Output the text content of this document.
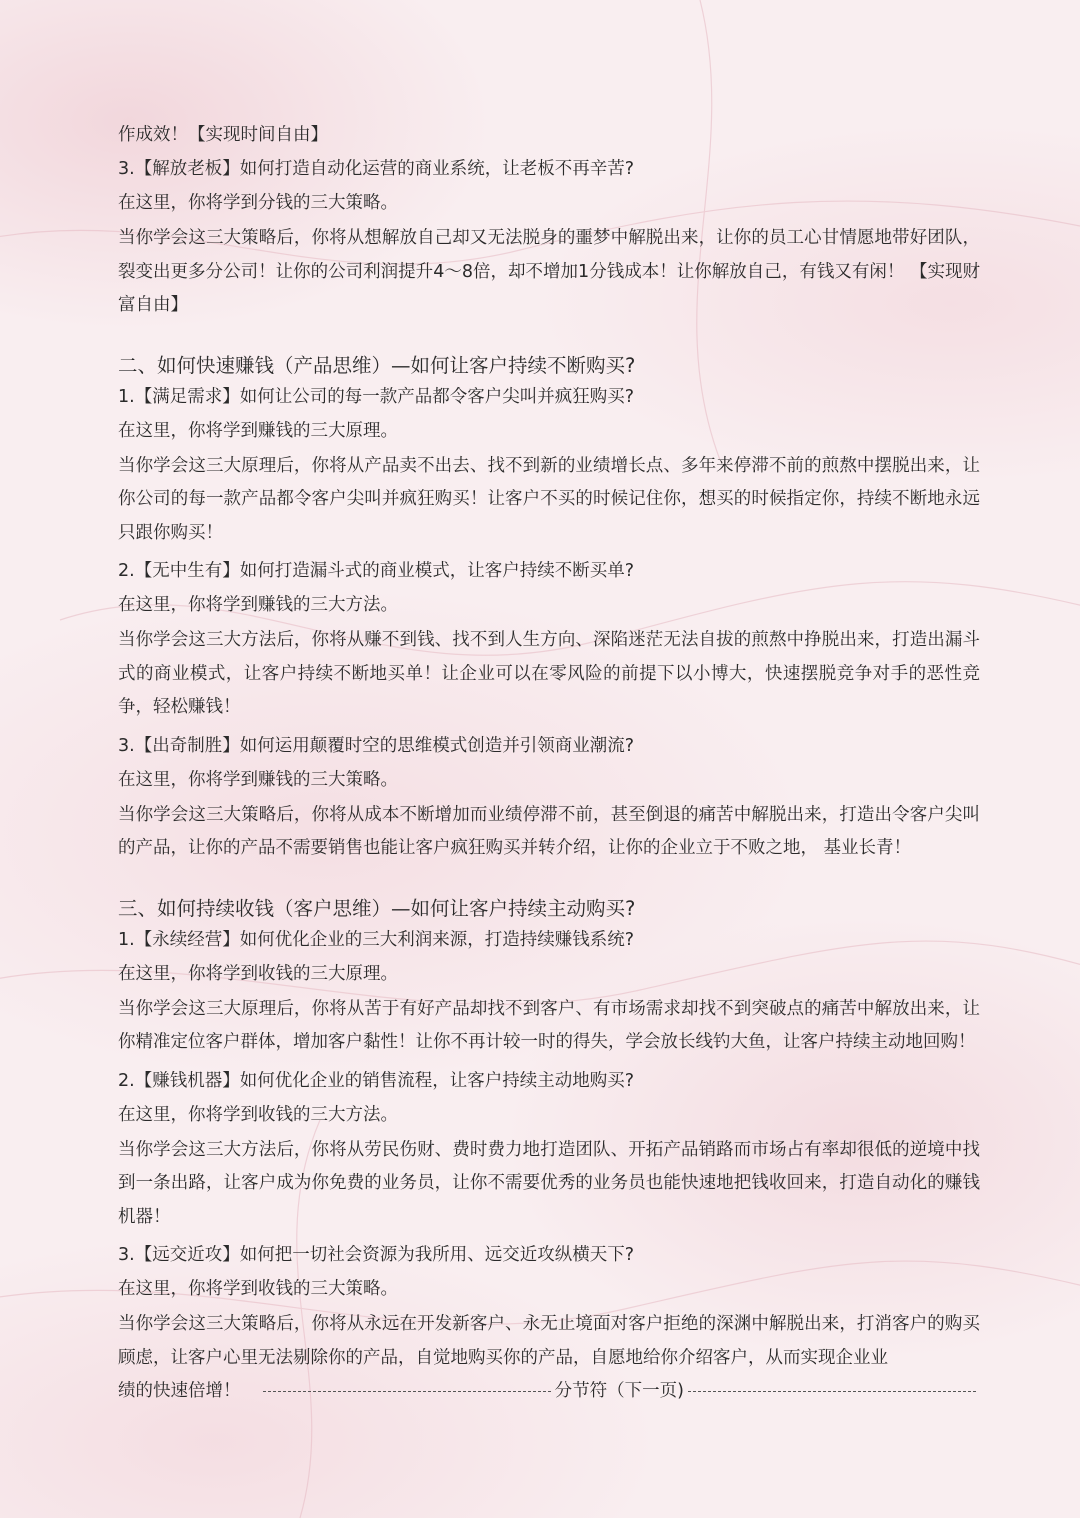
作成效！【实现时间自由】
3.【解放老板】如何打造自动化运营的商业系统，让老板不再辛苦?
在这里，你将学到分钱的三大策略。
当你学会这三大策略后，你将从想解放自己却又无法脱身的噩梦中解脱出来，让你的员工心甘情愿地带好团队，裂变出更多分公司！让你的公司利润提升4～8倍，却不增加1分钱成本！让你解放自己，有钱又有闲！ 【实现财富自由】
二、如何快速赚钱（产品思维）—如何让客户持续不断购买?
1.【满足需求】如何让公司的每一款产品都令客户尖叫并疯狂购买?
在这里，你将学到赚钱的三大原理。
当你学会这三大原理后，你将从产品卖不出去、找不到新的业绩增长点、多年来停滞不前的煎熬中摆脱出来，让你公司的每一款产品都令客户尖叫并疯狂购买！让客户不买的时候记住你，想买的时候指定你，持续不断地永远只跟你购买！
2.【无中生有】如何打造漏斗式的商业模式，让客户持续不断买单?
在这里，你将学到赚钱的三大方法。
当你学会这三大方法后，你将从赚不到钱、找不到人生方向、深陷迷茫无法自拔的煎熬中挣脱出来，打造出漏斗式的商业模式，让客户持续不断地买单！让企业可以在零风险的前提下以小博大，快速摆脱竞争对手的恶性竞争，轻松赚钱！
3.【出奇制胜】如何运用颠覆时空的思维模式创造并引领商业潮流?
在这里，你将学到赚钱的三大策略。
当你学会这三大策略后，你将从成本不断增加而业绩停滞不前，甚至倒退的痛苦中解脱出来，打造出令客户尖叫的产品，让你的产品不需要销售也能让客户疯狂购买并转介绍，让你的企业立于不败之地， 基业长青！
三、如何持续收钱（客户思维）—如何让客户持续主动购买?
1.【永续经营】如何优化企业的三大利润来源，打造持续赚钱系统?
在这里，你将学到收钱的三大原理。
当你学会这三大原理后，你将从苦于有好产品却找不到客户、有市场需求却找不到突破点的痛苦中解放出来，让你精准定位客户群体，增加客户黏性！让你不再计较一时的得失，学会放长线钓大鱼，让客户持续主动地回购！
2.【赚钱机器】如何优化企业的销售流程，让客户持续主动地购买?
在这里，你将学到收钱的三大方法。
当你学会这三大方法后，你将从劳民伤财、费时费力地打造团队、开拓产品销路而市场占有率却很低的逆境中找到一条出路，让客户成为你免费的业务员，让你不需要优秀的业务员也能快速地把钱收回来，打造自动化的赚钱机器！
3.【远交近攻】如何把一切社会资源为我所用、远交近攻纵横天下?
在这里，你将学到收钱的三大策略。
当你学会这三大策略后，你将从永远在开发新客户、永无止境面对客户拒绝的深渊中解脱出来，打消客户的购买顾虑，让客户心里无法剔除你的产品，自觉地购买你的产品，自愿地给你介绍客户，从而实现企业业
绩的快速倍增！	分节符（下一页)
